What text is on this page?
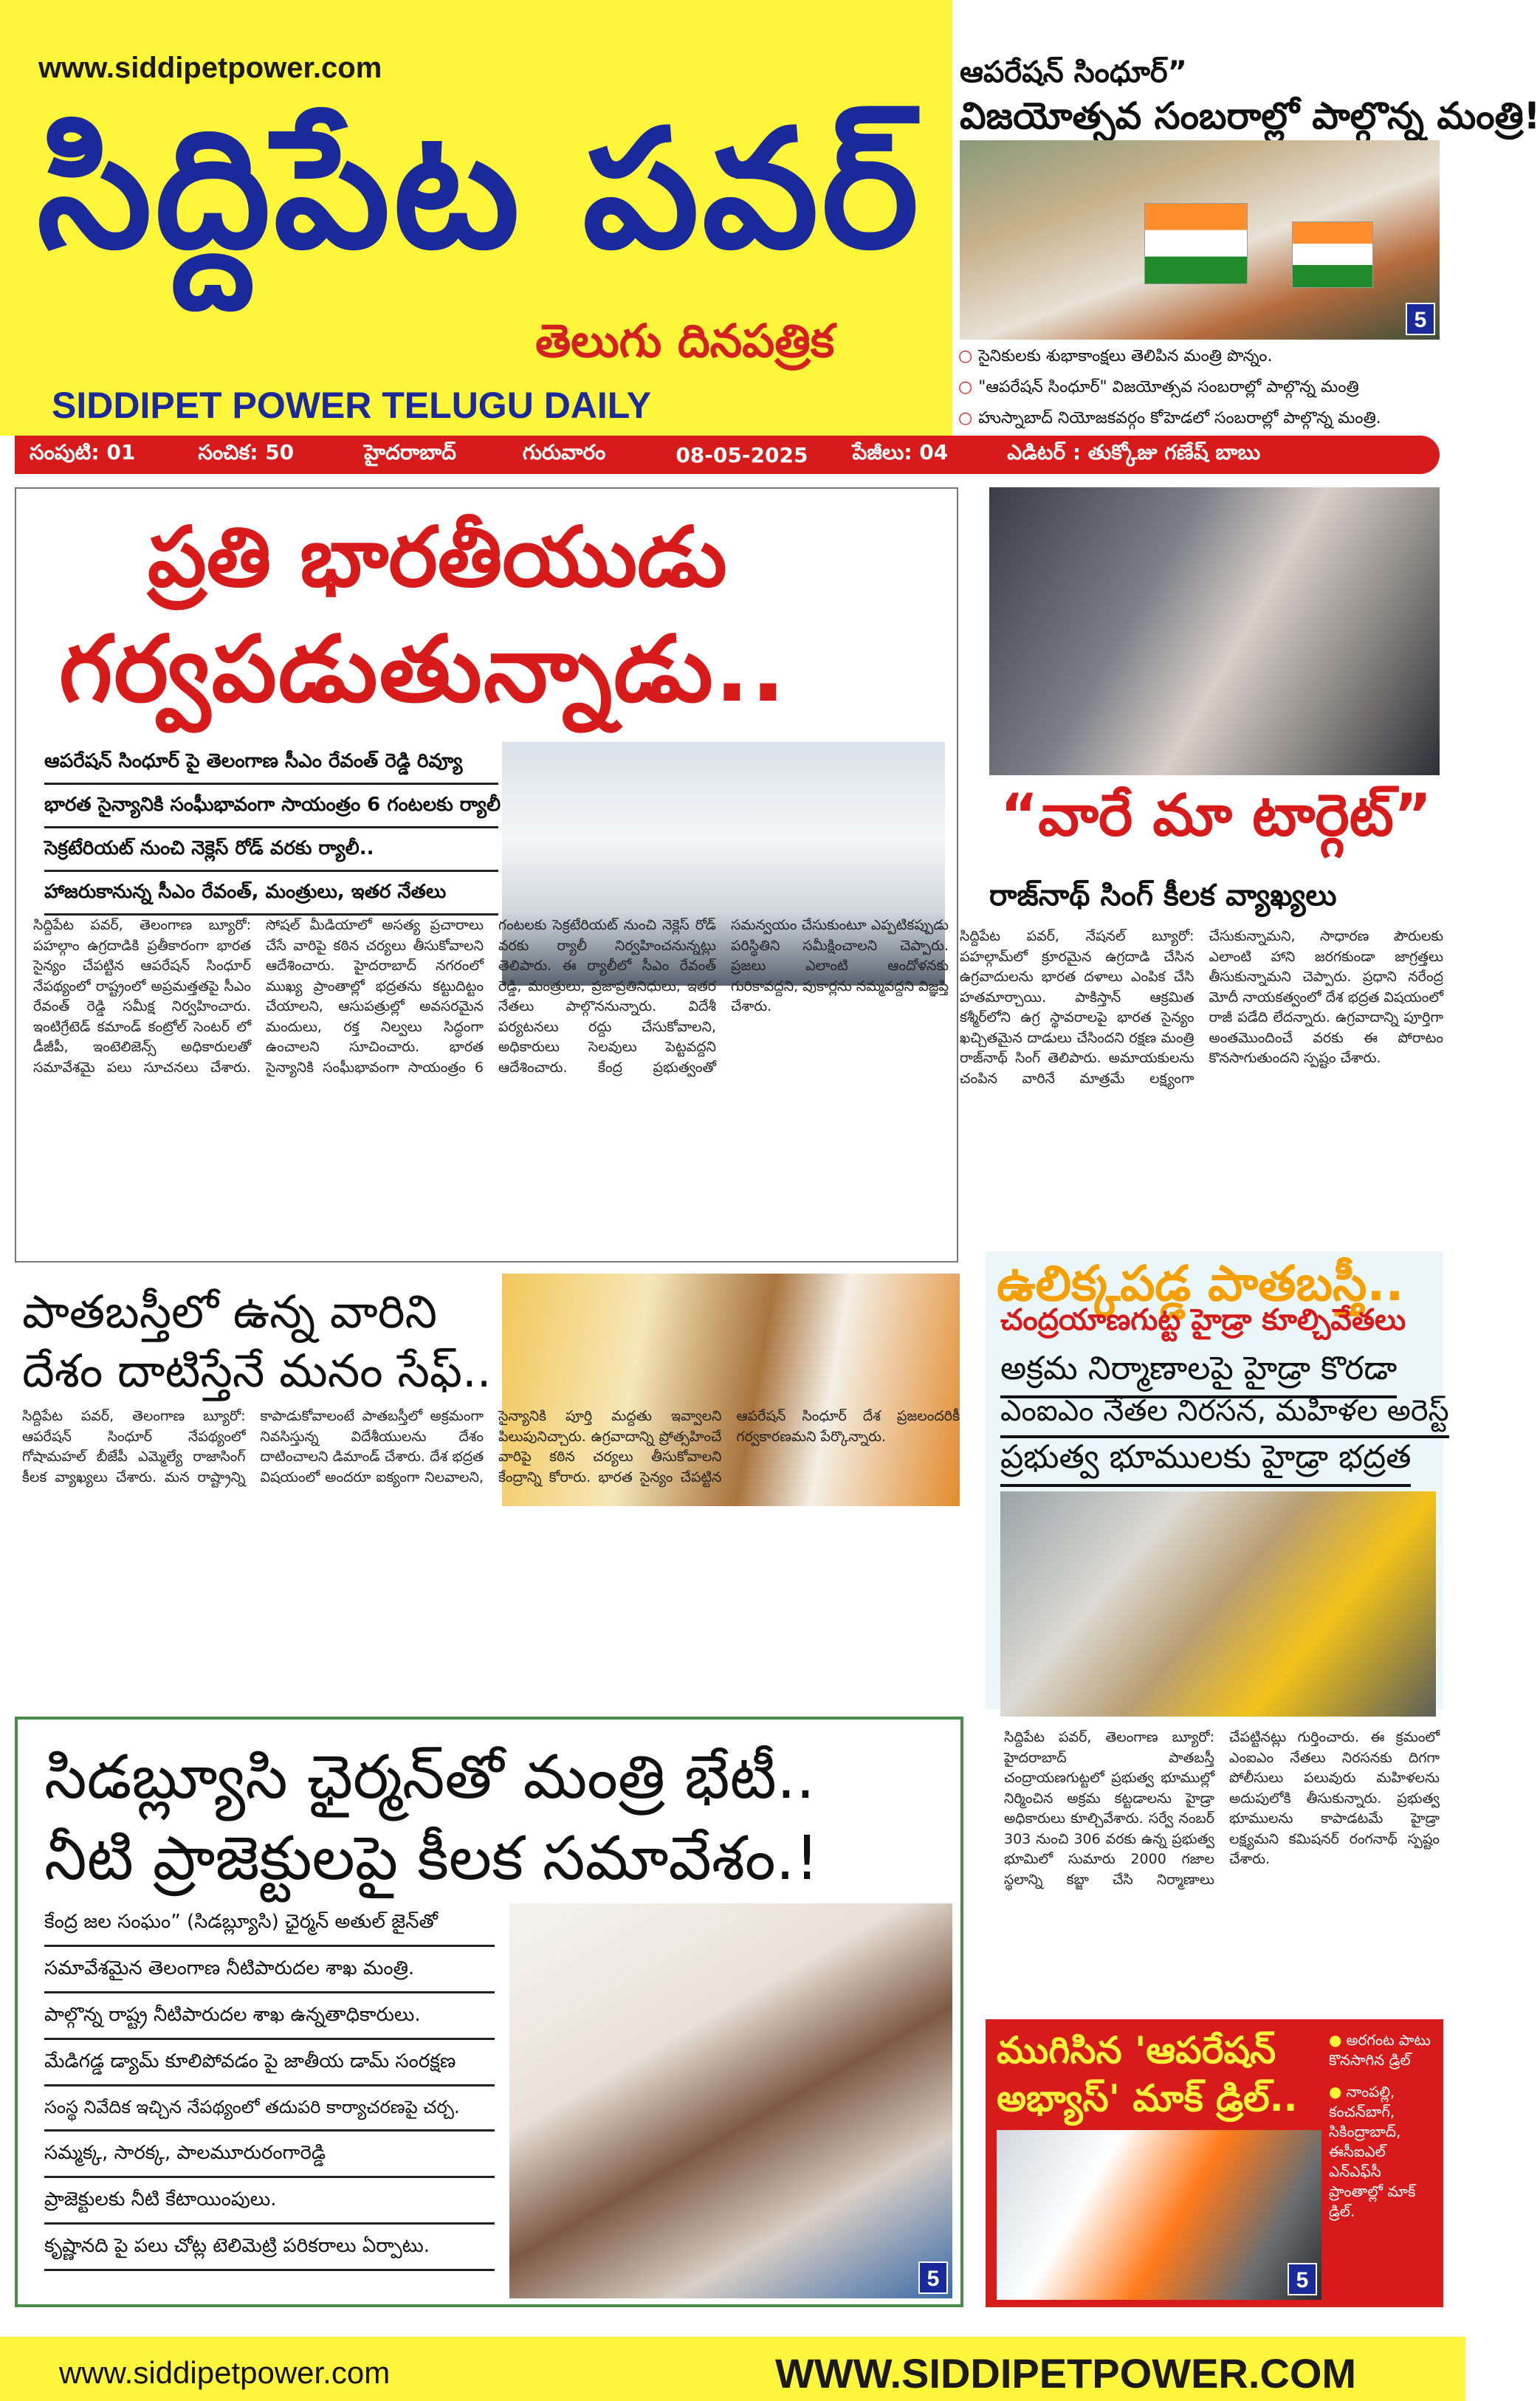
www.siddipetpower.com
సిద్దిపేట పవర్
తెలుగు దినపత్రిక
SIDDIPET POWER TELUGU DAILY
ఆపరేషన్ సింధూర్”
విజయోత్సవ సంబరాల్లో పాల్గొన్న మంత్రి!
5
○ సైనికులకు శుభాకాంక్షలు తెలిపిన మంత్రి పొన్నం.
○ "ఆపరేషన్ సింధూర్" విజయోత్సవ సంబరాల్లో పాల్గొన్న మంత్రి
○ హుస్నాబాద్ నియోజకవర్గం కోహెడలో సంబరాల్లో పాల్గొన్న మంత్రి.
సంపుటి: 01	సంచిక: 50	హైదరాబాద్	గురువారం	08-05-2025 పేజీలు: 04	ఎడిటర్ : తుక్కోజు గణేష్ బాబు
ప్రతి భారతీయుడు
గర్వపడుతున్నాడు..
ఆపరేషన్ సింధూర్ పై తెలంగాణ సీఎం రేవంత్ రెడ్డి రివ్యూ
భారత సైన్యానికి సంఘీభావంగా సాయంత్రం 6 గంటలకు ర్యాలీ
సెక్రటేరియట్ నుంచి నెక్లెస్ రోడ్ వరకు ర్యాలీ..
హాజరుకానున్న సీఎం రేవంత్, మంత్రులు, ఇతర నేతలు
సిద్దిపేట పవర్, తెలంగాణ బ్యూరో: పహల్గాం ఉగ్రదాడికి ప్రతీకారంగా భారత సైన్యం చేపట్టిన ఆపరేషన్ సింధూర్ నేపథ్యంలో రాష్ట్రంలో అప్రమత్తతపై సీఎం రేవంత్ రెడ్డి సమీక్ష నిర్వహించారు. ఇంటిగ్రేటెడ్ కమాండ్ కంట్రోల్ సెంటర్ లో డీజీపీ, ఇంటెలిజెన్స్ అధికారులతో సమావేశమై పలు సూచనలు చేశారు. సోషల్ మీడియాలో అసత్య ప్రచారాలు చేసే వారిపై కఠిన చర్యలు తీసుకోవాలని ఆదేశించారు. హైదరాబాద్ నగరంలో ముఖ్య ప్రాంతాల్లో భద్రతను కట్టుదిట్టం చేయాలని, ఆసుపత్రుల్లో అవసరమైన మందులు, రక్త నిల్వలు సిద్ధంగా ఉంచాలని సూచించారు. భారత సైన్యానికి సంఘీభావంగా సాయంత్రం 6 గంటలకు సెక్రటేరియట్ నుంచి నెక్లెస్ రోడ్ వరకు ర్యాలీ నిర్వహించనున్నట్లు తెలిపారు. ఈ ర్యాలీలో సీఎం రేవంత్ రెడ్డి, మంత్రులు, ప్రజాప్రతినిధులు, ఇతర నేతలు పాల్గొననున్నారు. విదేశీ పర్యటనలు రద్దు చేసుకోవాలని, అధికారులు సెలవులు పెట్టవద్దని ఆదేశించారు. కేంద్ర ప్రభుత్వంతో సమన్వయం చేసుకుంటూ ఎప్పటికప్పుడు పరిస్థితిని సమీక్షించాలని చెప్పారు. ప్రజలు ఎలాంటి ఆందోళనకు గురికావద్దని, పుకార్లను నమ్మవద్దని విజ్ఞప్తి చేశారు.
“వారే మా టార్గెట్”
రాజ్‌నాథ్ సింగ్ కీలక వ్యాఖ్యలు
సిద్దిపేట పవర్, నేషనల్ బ్యూరో: పహల్గామ్‌లో క్రూరమైన ఉగ్రదాడి చేసిన ఉగ్రవాదులను భారత దళాలు ఎంపిక చేసి హతమార్చాయి. పాకిస్తాన్ ఆక్రమిత కశ్మీర్‌లోని ఉగ్ర స్థావరాలపై భారత సైన్యం ఖచ్చితమైన దాడులు చేసిందని రక్షణ మంత్రి రాజ్‌నాథ్ సింగ్ తెలిపారు. అమాయకులను చంపిన వారినే మాత్రమే లక్ష్యంగా చేసుకున్నామని, సాధారణ పౌరులకు ఎలాంటి హాని జరగకుండా జాగ్రత్తలు తీసుకున్నామని చెప్పారు. ప్రధాని నరేంద్ర మోదీ నాయకత్వంలో దేశ భద్రత విషయంలో రాజీ పడేది లేదన్నారు. ఉగ్రవాదాన్ని పూర్తిగా అంతమొందించే వరకు ఈ పోరాటం కొనసాగుతుందని స్పష్టం చేశారు.
పాతబస్తీలో ఉన్న వారిని
దేశం దాటిస్తేనే మనం సేఫ్..
సిద్దిపేట పవర్, తెలంగాణ బ్యూరో: ఆపరేషన్ సింధూర్ నేపథ్యంలో గోషామహల్ బీజేపీ ఎమ్మెల్యే రాజాసింగ్ కీలక వ్యాఖ్యలు చేశారు. మన రాష్ట్రాన్ని కాపాడుకోవాలంటే పాతబస్తీలో అక్రమంగా నివసిస్తున్న విదేశీయులను దేశం దాటించాలని డిమాండ్ చేశారు. దేశ భద్రత విషయంలో అందరూ ఐక్యంగా నిలవాలని, సైన్యానికి పూర్తి మద్దతు ఇవ్వాలని పిలుపునిచ్చారు. ఉగ్రవాదాన్ని ప్రోత్సహించే వారిపై కఠిన చర్యలు తీసుకోవాలని కేంద్రాన్ని కోరారు. భారత సైన్యం చేపట్టిన ఆపరేషన్ సింధూర్ దేశ ప్రజలందరికీ గర్వకారణమని పేర్కొన్నారు.
ఉలిక్కపడ్డ పాతబస్తీ..
చంద్రయాణగుట్ట హైడ్రా కూల్చివేతలు
అక్రమ నిర్మాణాలపై హైడ్రా కొరడా
ఎంఐఎం నేతల నిరసన, మహిళల అరెస్ట్
ప్రభుత్వ భూములకు హైడ్రా భద్రత
సిద్దిపేట పవర్, తెలంగాణ బ్యూరో: హైదరాబాద్ పాతబస్తీ చంద్రాయణగుట్టలో ప్రభుత్వ భూముల్లో నిర్మించిన అక్రమ కట్టడాలను హైడ్రా అధికారులు కూల్చివేశారు. సర్వే నంబర్ 303 నుంచి 306 వరకు ఉన్న ప్రభుత్వ భూమిలో సుమారు 2000 గజాల స్థలాన్ని కబ్జా చేసి నిర్మాణాలు చేపట్టినట్లు గుర్తించారు. ఈ క్రమంలో ఎంఐఎం నేతలు నిరసనకు దిగగా పోలీసులు పలువురు మహిళలను అదుపులోకి తీసుకున్నారు. ప్రభుత్వ భూములను కాపాడటమే హైడ్రా లక్ష్యమని కమిషనర్ రంగనాథ్ స్పష్టం చేశారు.
సిడబ్ల్యూసి ఛైర్మన్‌తో మంత్రి భేటీ..
నీటి ప్రాజెక్టులపై కీలక సమావేశం.!
కేంద్ర జల సంఘం” (సిడబ్ల్యూసి) ఛైర్మన్ అతుల్ జైన్‌తో
సమావేశమైన తెలంగాణ నీటిపారుదల శాఖ మంత్రి.
పాల్గొన్న రాష్ట్ర నీటిపారుదల శాఖ ఉన్నతాధికారులు.
మేడిగడ్డ డ్యామ్ కూలిపోవడం పై జాతీయ డామ్ సంరక్షణ
సంస్థ నివేదిక ఇచ్చిన నేపథ్యంలో తదుపరి కార్యాచరణపై చర్చ.
సమ్మక్క, సారక్క, పాలమూరురంగారెడ్డి
ప్రాజెక్టులకు నీటి కేటాయింపులు.
కృష్ణానది పై పలు చోట్ల టెలిమెట్రి పరికరాలు ఏర్పాటు.
5
ముగిసిన 'ఆపరేషన్ అభ్యాస్' మాక్ డ్రిల్..
5
● అరగంట పాటు కొనసాగిన డ్రిల్
● నాంపల్లి, కంచన్‌బాగ్, సికింద్రాబాద్, ఈసీఐఎల్ ఎన్ఎఫ్‌సీ ప్రాంతాల్లో మాక్ డ్రిల్.
www.siddipetpower.com	WWW.SIDDIPETPOWER.COM
